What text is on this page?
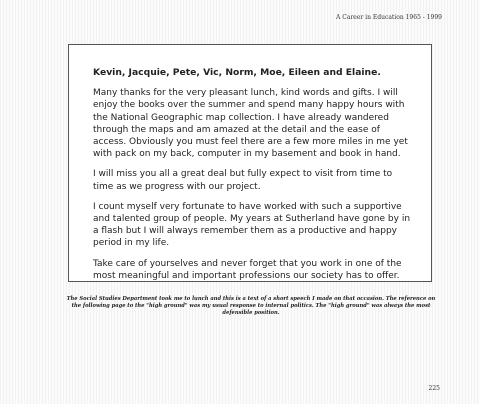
A Career in Education 1965 - 1999

Kevin, Jacquie, Pete, Vic, Norm, Moe, Eileen and Elaine.

Many thanks for the very pleasant lunch, kind words and gifts. I will enjoy the books over the summer and spend many happy hours with the National Geographic map collection. I have already wandered through the maps and am amazed at the detail and the ease of access. Obviously you must feel there are a few more miles in me yet with pack on my back, computer in my basement and book in hand.

I will miss you all a great deal but fully expect to visit from time to time as we progress with our project.

I count myself very fortunate to have worked with such a supportive and talented group of people. My years at Sutherland have gone by in a flash but I will always remember them as a productive and happy period in my life.

Take care of yourselves and never forget that you work in one of the most meaningful and important professions our society has to offer.

The Social Studies Department took me to lunch and this is a text of a short speech I made on that occasion. The reference on the following page to the "high ground" was my usual response to internal politics. The "high ground" was always the most defensible position.
225
